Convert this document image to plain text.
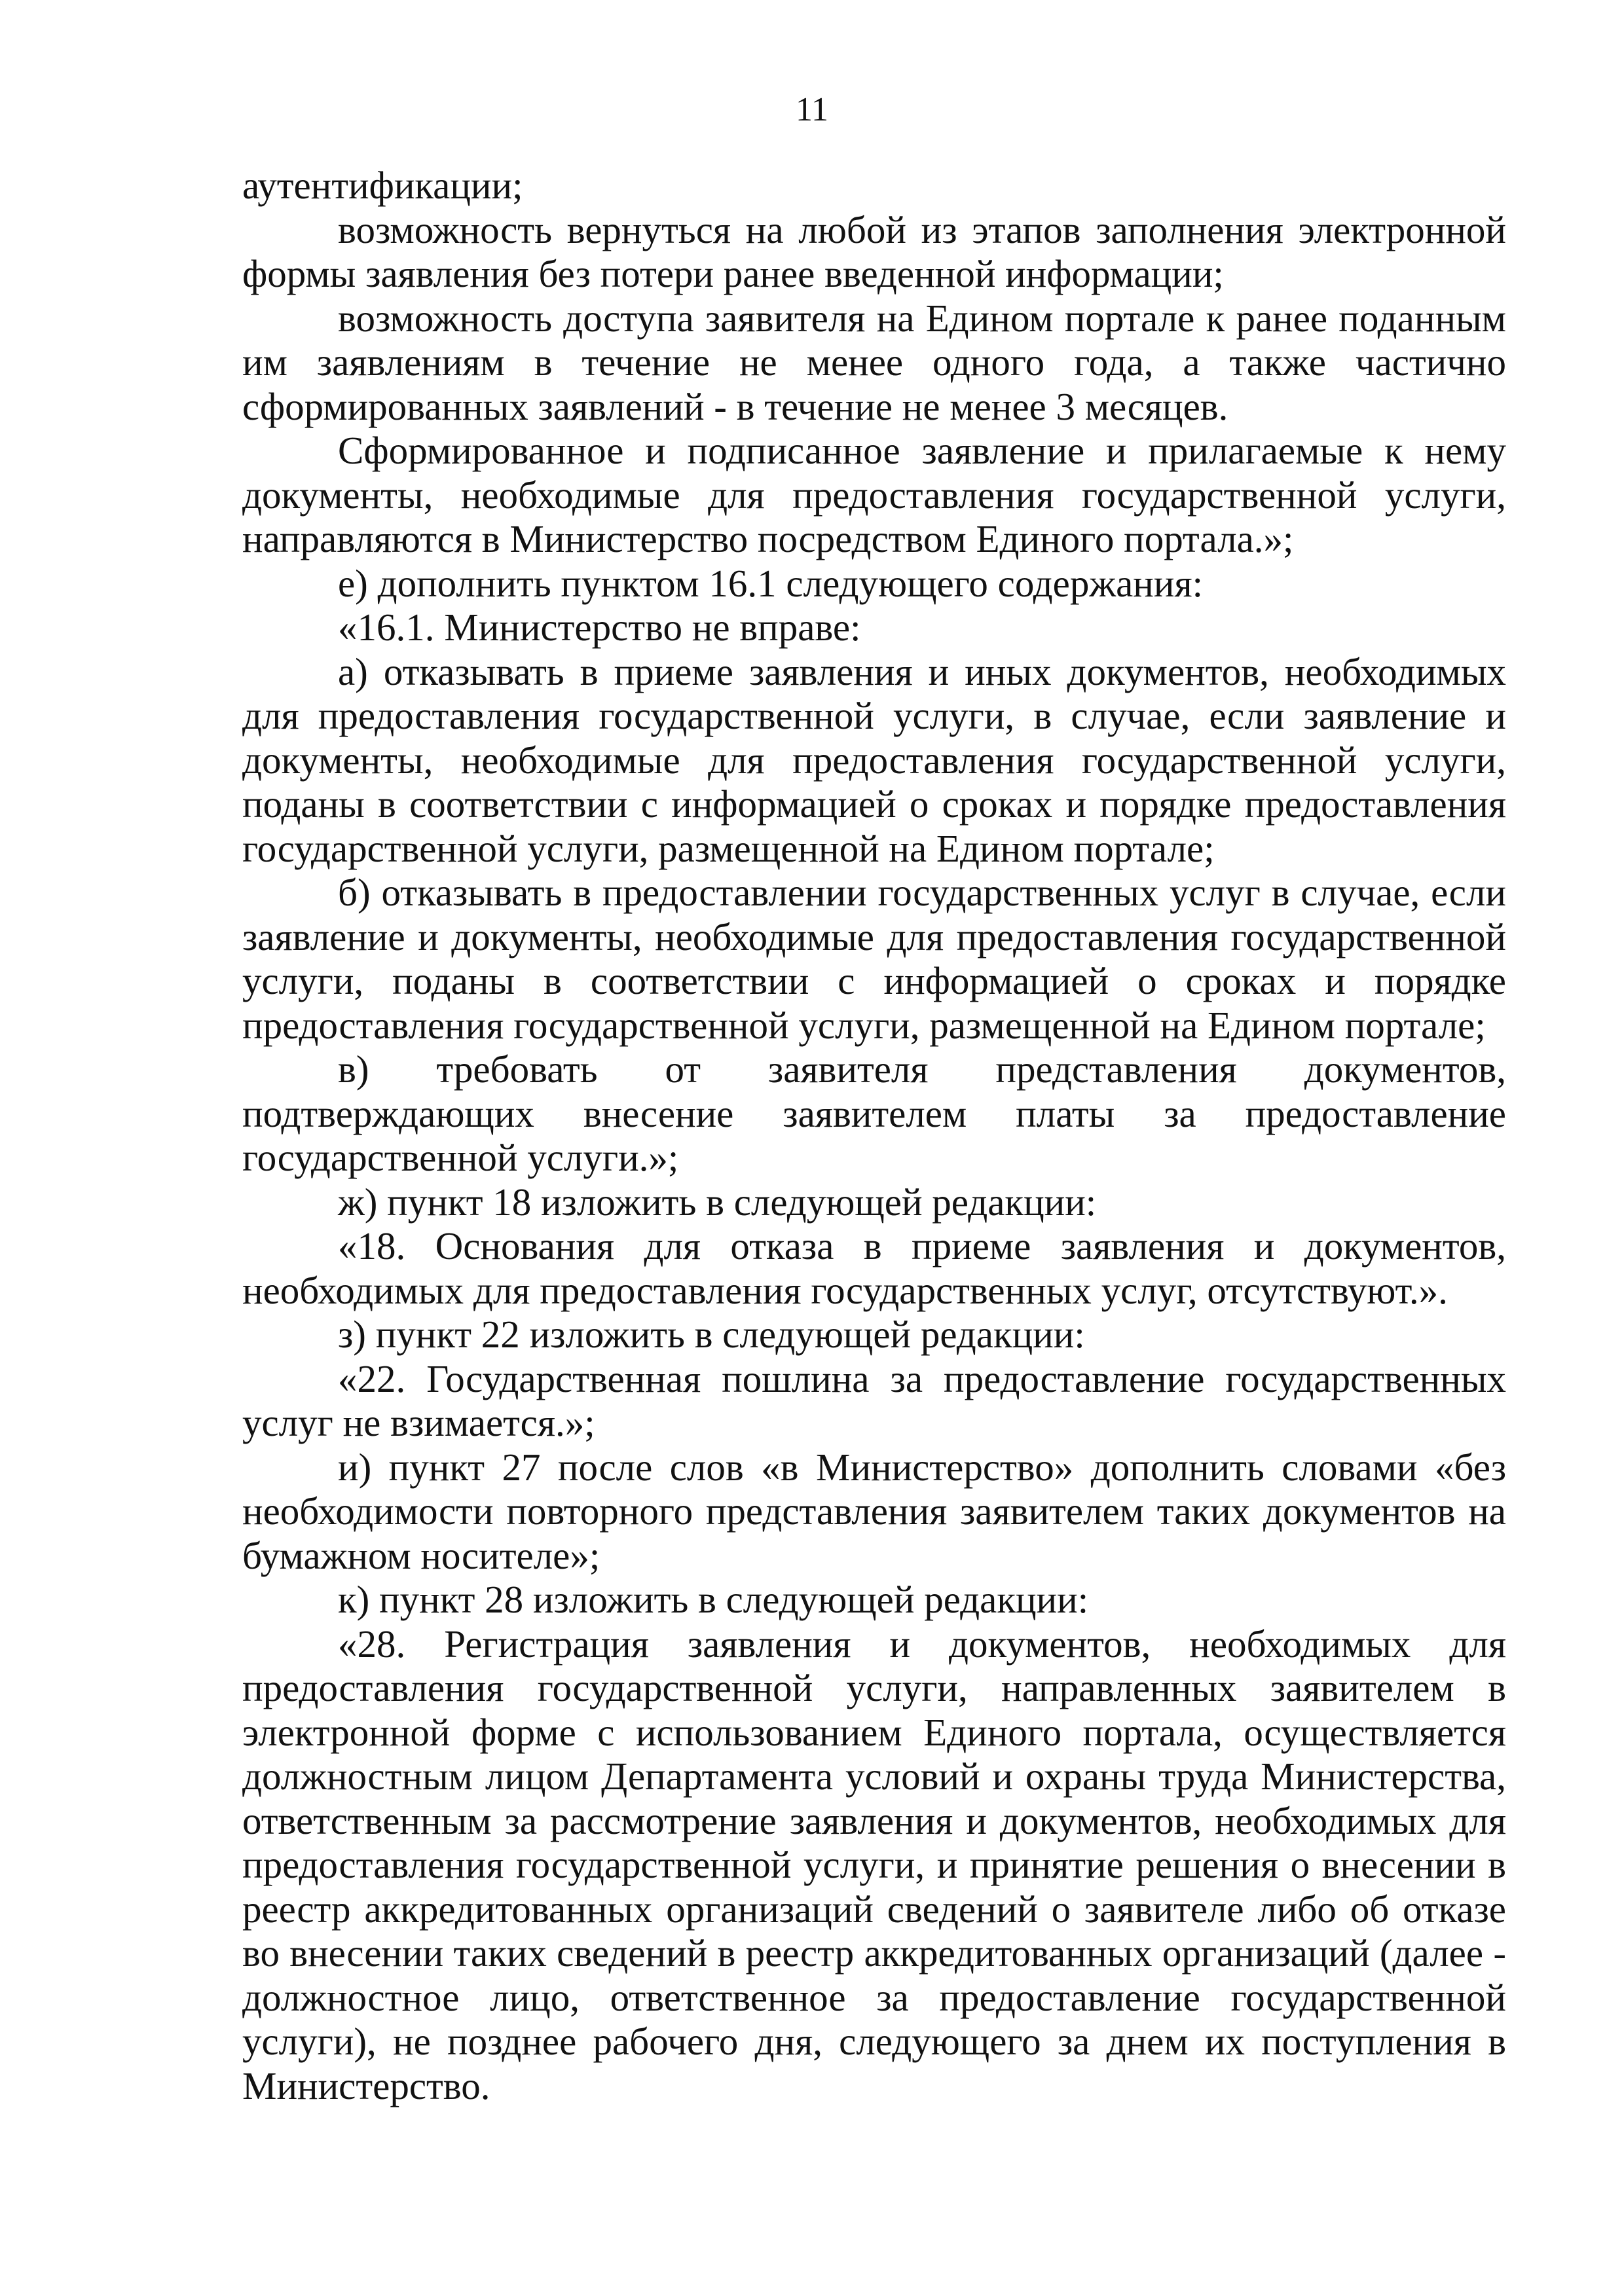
11

аутентификации;

возможность вернуться на любой из этапов заполнения электронной формы заявления без потери ранее введенной информации;

возможность доступа заявителя на Едином портале к ранее поданным им заявлениям в течение не менее одного года, а также частично сформированных заявлений - в течение не менее 3 месяцев.

Сформированное и подписанное заявление и прилагаемые к нему документы, необходимые для предоставления государственной услуги, направляются в Министерство посредством Единого портала.»;

е) дополнить пунктом 16.1 следующего содержания:

«16.1. Министерство не вправе:

а) отказывать в приеме заявления и иных документов, необходимых для предоставления государственной услуги, в случае, если заявление и документы, необходимые для предоставления государственной услуги, поданы в соответствии с информацией о сроках и порядке предоставления государственной услуги, размещенной на Едином портале;

б) отказывать в предоставлении государственных услуг в случае, если заявление и документы, необходимые для предоставления государственной услуги, поданы в соответствии с информацией о сроках и порядке предоставления государственной услуги, размещенной на Едином портале;

в) требовать от заявителя представления документов, подтверждающих внесение заявителем платы за предоставление государственной услуги.»;

ж) пункт 18 изложить в следующей редакции:

«18. Основания для отказа в приеме заявления и документов, необходимых для предоставления государственных услуг, отсутствуют.».

з) пункт 22 изложить в следующей редакции:

«22. Государственная пошлина за предоставление государственных услуг не взимается.»;

и) пункт 27 после слов «в Министерство» дополнить словами «без необходимости повторного представления заявителем таких документов на бумажном носителе»;

к) пункт 28 изложить в следующей редакции:

«28. Регистрация заявления и документов, необходимых для предоставления государственной услуги, направленных заявителем в электронной форме с использованием Единого портала, осуществляется должностным лицом Департамента условий и охраны труда Министерства, ответственным за рассмотрение заявления и документов, необходимых для предоставления государственной услуги, и принятие решения о внесении в реестр аккредитованных организаций сведений о заявителе либо об отказе во внесении таких сведений в реестр аккредитованных организаций (далее - должностное лицо, ответственное за предоставление государственной услуги), не позднее рабочего дня, следующего за днем их поступления в Министерство.
